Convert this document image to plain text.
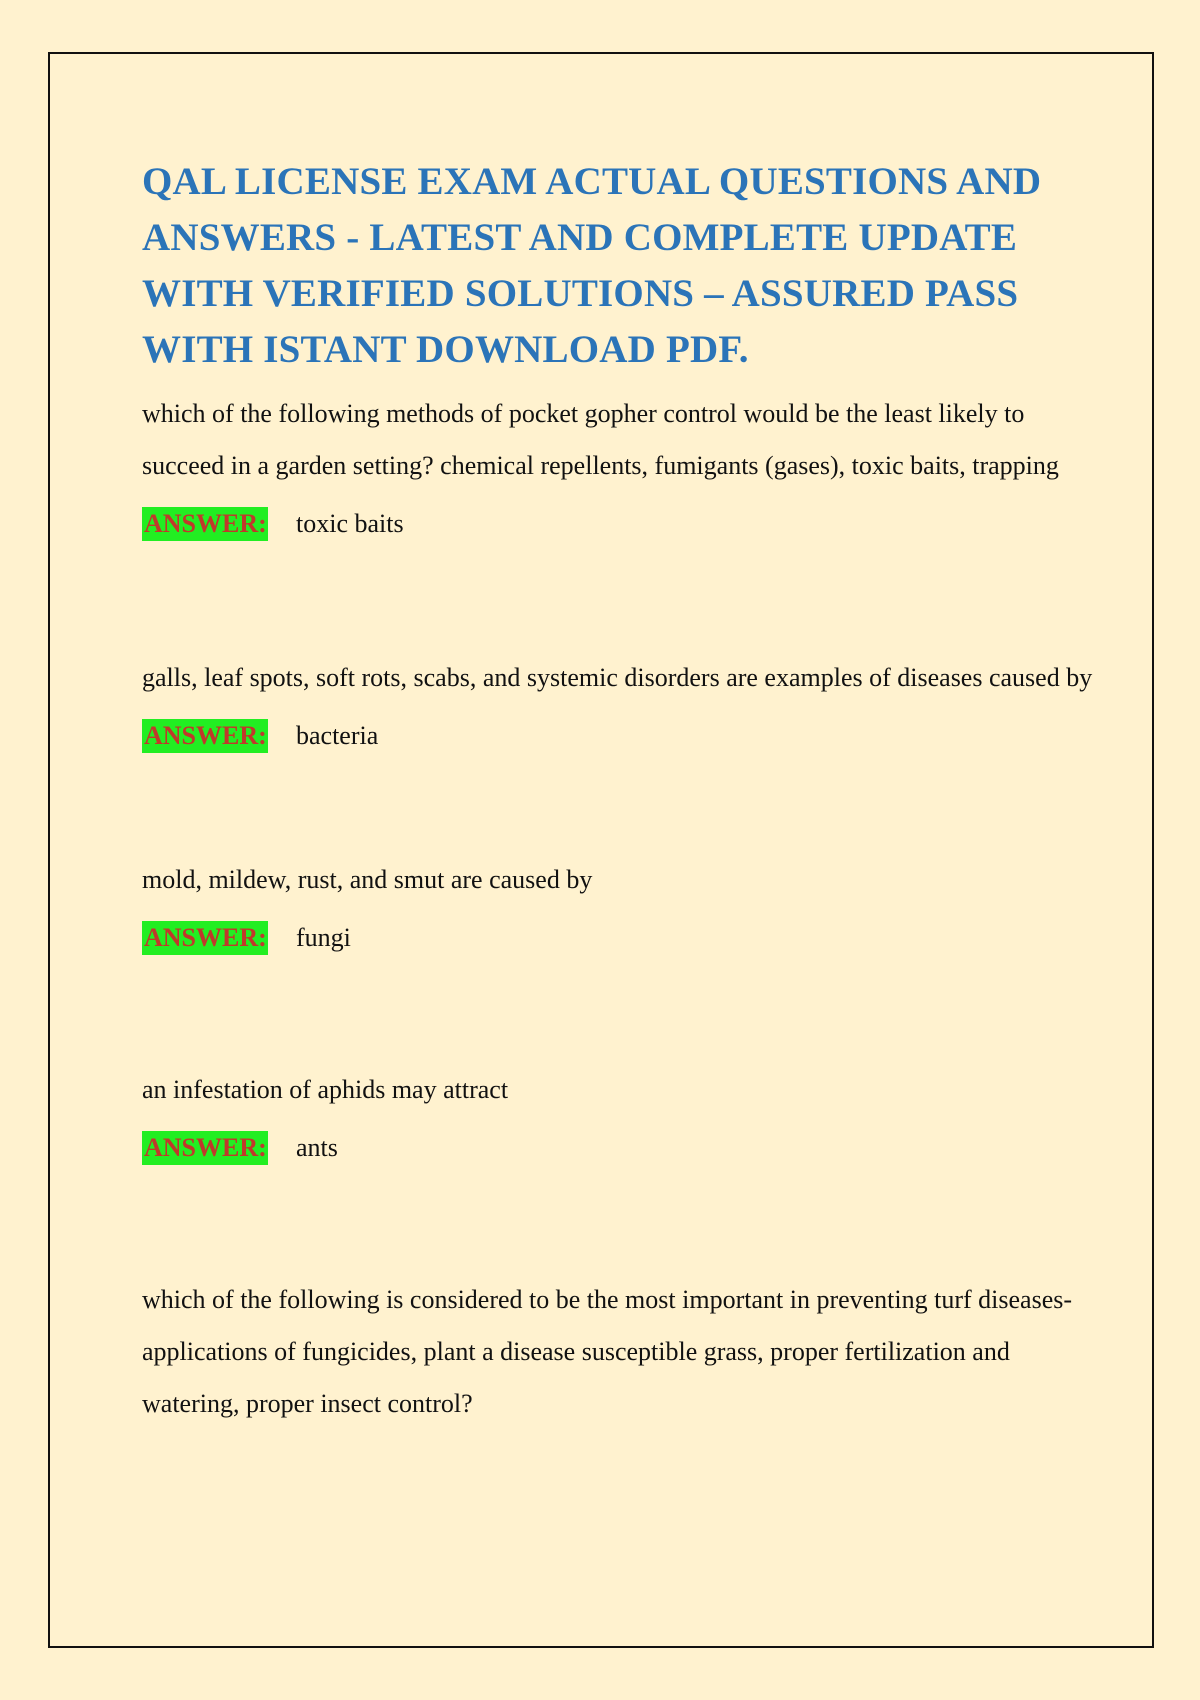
QAL LICENSE EXAM ACTUAL QUESTIONS AND ANSWERS - LATEST AND COMPLETE UPDATE WITH VERIFIED SOLUTIONS – ASSURED PASS WITH ISTANT DOWNLOAD PDF.

which of the following methods of pocket gopher control would be the least likely to succeed in a garden setting? chemical repellents, fumigants (gases), toxic baits, trapping

ANSWER: toxic baits

galls, leaf spots, soft rots, scabs, and systemic disorders are examples of diseases caused by

ANSWER: bacteria

mold, mildew, rust, and smut are caused by

ANSWER: fungi

an infestation of aphids may attract

ANSWER: ants

which of the following is considered to be the most important in preventing turf diseases- applications of fungicides, plant a disease susceptible grass, proper fertilization and watering, proper insect control?
